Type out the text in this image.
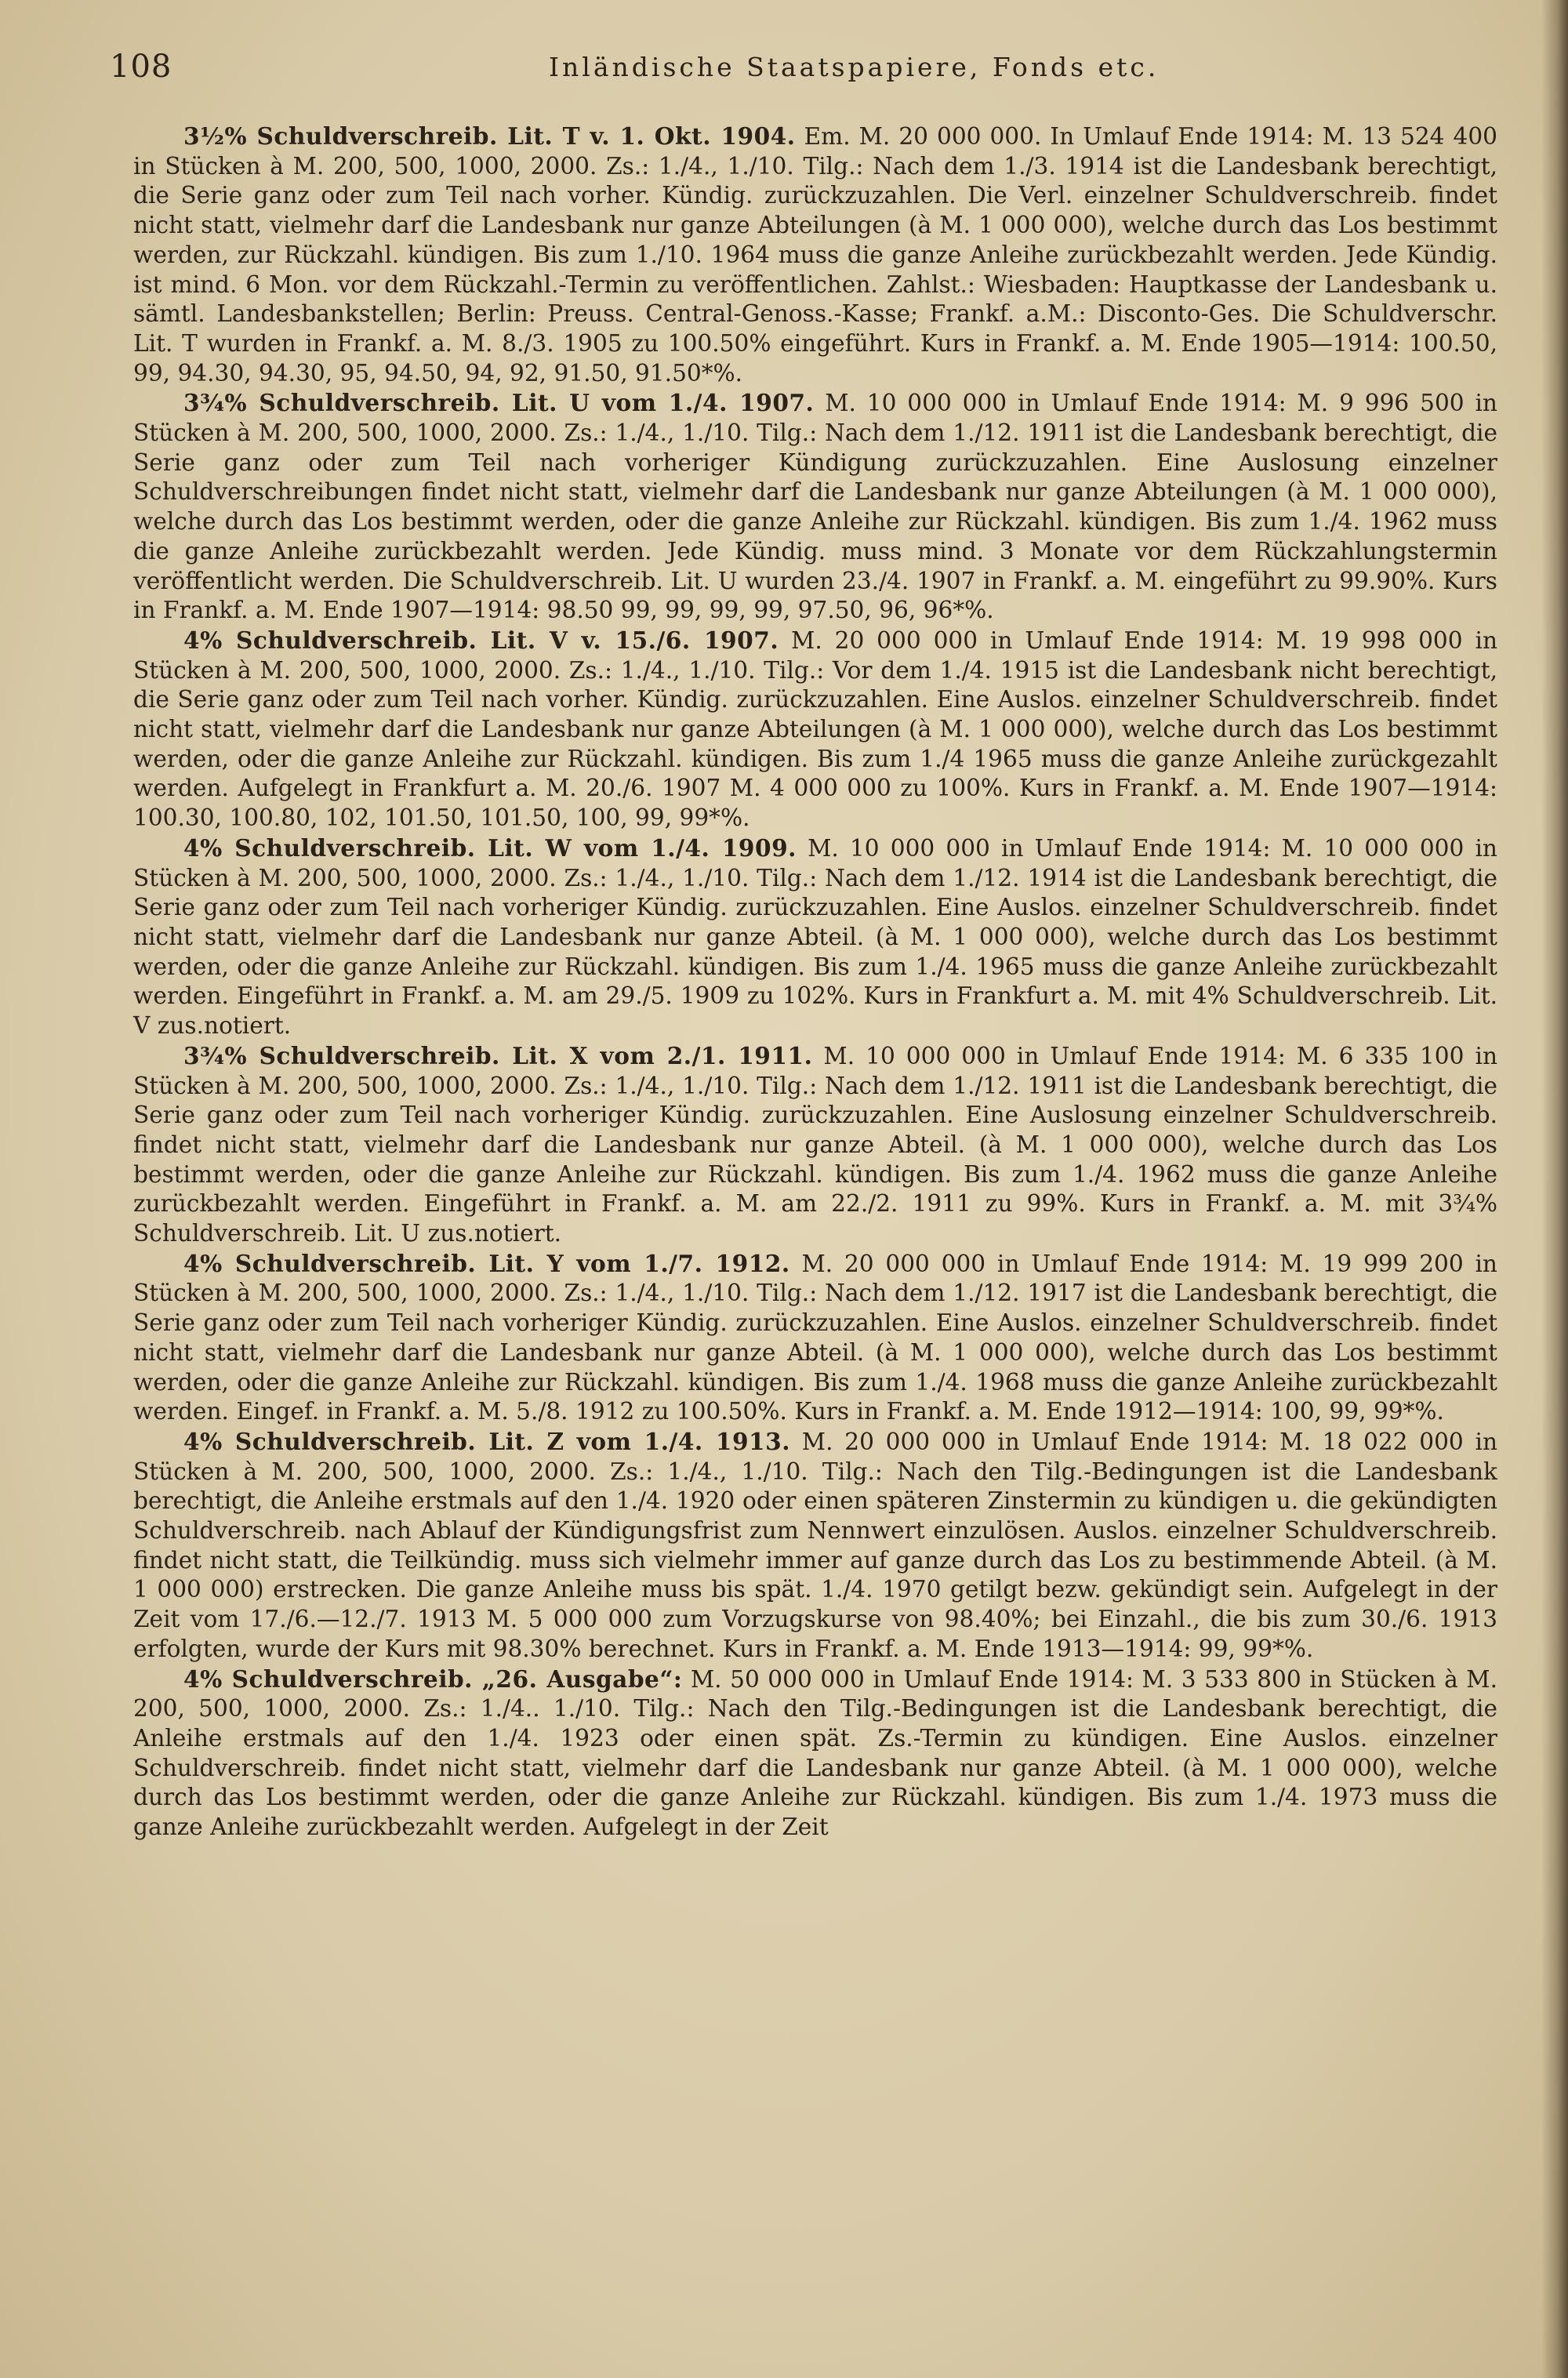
108	Inländische Staatspapiere, Fonds etc.

3½% Schuldverschreib. Lit. T v. 1. Okt. 1904. Em. M. 20 000 000. In Umlauf Ende 1914: M. 13 524 400 in Stücken à M. 200, 500, 1000, 2000. Zs.: 1./4., 1./10. Tilg.: Nach dem 1./3. 1914 ist die Landesbank berechtigt, die Serie ganz oder zum Teil nach vorher. Kündig. zurückzuzahlen. Die Verl. einzelner Schuldverschreib. findet nicht statt, vielmehr darf die Landesbank nur ganze Abteilungen (à M. 1 000 000), welche durch das Los bestimmt werden, zur Rückzahl. kündigen. Bis zum 1./10. 1964 muss die ganze Anleihe zurückbezahlt werden. Jede Kündig. ist mind. 6 Mon. vor dem Rückzahl.-Termin zu veröffentlichen. Zahlst.: Wiesbaden: Hauptkasse der Landesbank u. sämtl. Landesbankstellen; Berlin: Preuss. Central-Genoss.-Kasse; Frankf. a.M.: Disconto-Ges. Die Schuldverschr. Lit. T wurden in Frankf. a. M. 8./3. 1905 zu 100.50% eingeführt. Kurs in Frankf. a. M. Ende 1905—1914: 100.50, 99, 94.30, 94.30, 95, 94.50, 94, 92, 91.50, 91.50*%.

3¾% Schuldverschreib. Lit. U vom 1./4. 1907. M. 10 000 000 in Umlauf Ende 1914: M. 9 996 500 in Stücken à M. 200, 500, 1000, 2000. Zs.: 1./4., 1./10. Tilg.: Nach dem 1./12. 1911 ist die Landesbank berechtigt, die Serie ganz oder zum Teil nach vorheriger Kündigung zurückzuzahlen. Eine Auslosung einzelner Schuldverschreibungen findet nicht statt, vielmehr darf die Landesbank nur ganze Abteilungen (à M. 1 000 000), welche durch das Los bestimmt werden, oder die ganze Anleihe zur Rückzahl. kündigen. Bis zum 1./4. 1962 muss die ganze Anleihe zurückbezahlt werden. Jede Kündig. muss mind. 3 Monate vor dem Rückzahlungstermin veröffentlicht werden. Die Schuldverschreib. Lit. U wurden 23./4. 1907 in Frankf. a. M. eingeführt zu 99.90%. Kurs in Frankf. a. M. Ende 1907—1914: 98.50 99, 99, 99, 99, 97.50, 96, 96*%.

4% Schuldverschreib. Lit. V v. 15./6. 1907. M. 20 000 000 in Umlauf Ende 1914: M. 19 998 000 in Stücken à M. 200, 500, 1000, 2000. Zs.: 1./4., 1./10. Tilg.: Vor dem 1./4. 1915 ist die Landesbank nicht berechtigt, die Serie ganz oder zum Teil nach vorher. Kündig. zurückzuzahlen. Eine Auslos. einzelner Schuldverschreib. findet nicht statt, vielmehr darf die Landesbank nur ganze Abteilungen (à M. 1 000 000), welche durch das Los bestimmt werden, oder die ganze Anleihe zur Rückzahl. kündigen. Bis zum 1./4 1965 muss die ganze Anleihe zurückgezahlt werden. Aufgelegt in Frankfurt a. M. 20./6. 1907 M. 4 000 000 zu 100%. Kurs in Frankf. a. M. Ende 1907—1914: 100.30, 100.80, 102, 101.50, 101.50, 100, 99, 99*%.

4% Schuldverschreib. Lit. W vom 1./4. 1909. M. 10 000 000 in Umlauf Ende 1914: M. 10 000 000 in Stücken à M. 200, 500, 1000, 2000. Zs.: 1./4., 1./10. Tilg.: Nach dem 1./12. 1914 ist die Landesbank berechtigt, die Serie ganz oder zum Teil nach vorheriger Kündig. zurückzuzahlen. Eine Auslos. einzelner Schuldverschreib. findet nicht statt, vielmehr darf die Landesbank nur ganze Abteil. (à M. 1 000 000), welche durch das Los bestimmt werden, oder die ganze Anleihe zur Rückzahl. kündigen. Bis zum 1./4. 1965 muss die ganze Anleihe zurückbezahlt werden. Eingeführt in Frankf. a. M. am 29./5. 1909 zu 102%. Kurs in Frankfurt a. M. mit 4% Schuldverschreib. Lit. V zus.notiert.

3¾% Schuldverschreib. Lit. X vom 2./1. 1911. M. 10 000 000 in Umlauf Ende 1914: M. 6 335 100 in Stücken à M. 200, 500, 1000, 2000. Zs.: 1./4., 1./10. Tilg.: Nach dem 1./12. 1911 ist die Landesbank berechtigt, die Serie ganz oder zum Teil nach vorheriger Kündig. zurückzuzahlen. Eine Auslosung einzelner Schuldverschreib. findet nicht statt, vielmehr darf die Landesbank nur ganze Abteil. (à M. 1 000 000), welche durch das Los bestimmt werden, oder die ganze Anleihe zur Rückzahl. kündigen. Bis zum 1./4. 1962 muss die ganze Anleihe zurückbezahlt werden. Eingeführt in Frankf. a. M. am 22./2. 1911 zu 99%. Kurs in Frankf. a. M. mit 3¾% Schuldverschreib. Lit. U zus.notiert.

4% Schuldverschreib. Lit. Y vom 1./7. 1912. M. 20 000 000 in Umlauf Ende 1914: M. 19 999 200 in Stücken à M. 200, 500, 1000, 2000. Zs.: 1./4., 1./10. Tilg.: Nach dem 1./12. 1917 ist die Landesbank berechtigt, die Serie ganz oder zum Teil nach vorheriger Kündig. zurückzuzahlen. Eine Auslos. einzelner Schuldverschreib. findet nicht statt, vielmehr darf die Landesbank nur ganze Abteil. (à M. 1 000 000), welche durch das Los bestimmt werden, oder die ganze Anleihe zur Rückzahl. kündigen. Bis zum 1./4. 1968 muss die ganze Anleihe zurückbezahlt werden. Eingef. in Frankf. a. M. 5./8. 1912 zu 100.50%. Kurs in Frankf. a. M. Ende 1912—1914: 100, 99, 99*%.

4% Schuldverschreib. Lit. Z vom 1./4. 1913. M. 20 000 000 in Umlauf Ende 1914: M. 18 022 000 in Stücken à M. 200, 500, 1000, 2000. Zs.: 1./4., 1./10. Tilg.: Nach den Tilg.-Bedingungen ist die Landesbank berechtigt, die Anleihe erstmals auf den 1./4. 1920 oder einen späteren Zinstermin zu kündigen u. die gekündigten Schuldverschreib. nach Ablauf der Kündigungsfrist zum Nennwert einzulösen. Auslos. einzelner Schuldverschreib. findet nicht statt, die Teilkündig. muss sich vielmehr immer auf ganze durch das Los zu bestimmende Abteil. (à M. 1 000 000) erstrecken. Die ganze Anleihe muss bis spät. 1./4. 1970 getilgt bezw. gekündigt sein. Aufgelegt in der Zeit vom 17./6.—12./7. 1913 M. 5 000 000 zum Vorzugskurse von 98.40%; bei Einzahl., die bis zum 30./6. 1913 erfolgten, wurde der Kurs mit 98.30% berechnet. Kurs in Frankf. a. M. Ende 1913—1914: 99, 99*%.

4% Schuldverschreib. „26. Ausgabe“: M. 50 000 000 in Umlauf Ende 1914: M. 3 533 800 in Stücken à M. 200, 500, 1000, 2000. Zs.: 1./4.. 1./10. Tilg.: Nach den Tilg.-Bedingungen ist die Landesbank berechtigt, die Anleihe erstmals auf den 1./4. 1923 oder einen spät. Zs.-Termin zu kündigen. Eine Auslos. einzelner Schuldverschreib. findet nicht statt, vielmehr darf die Landesbank nur ganze Abteil. (à M. 1 000 000), welche durch das Los bestimmt werden, oder die ganze Anleihe zur Rückzahl. kündigen. Bis zum 1./4. 1973 muss die ganze Anleihe zurückbezahlt werden. Aufgelegt in der Zeit
